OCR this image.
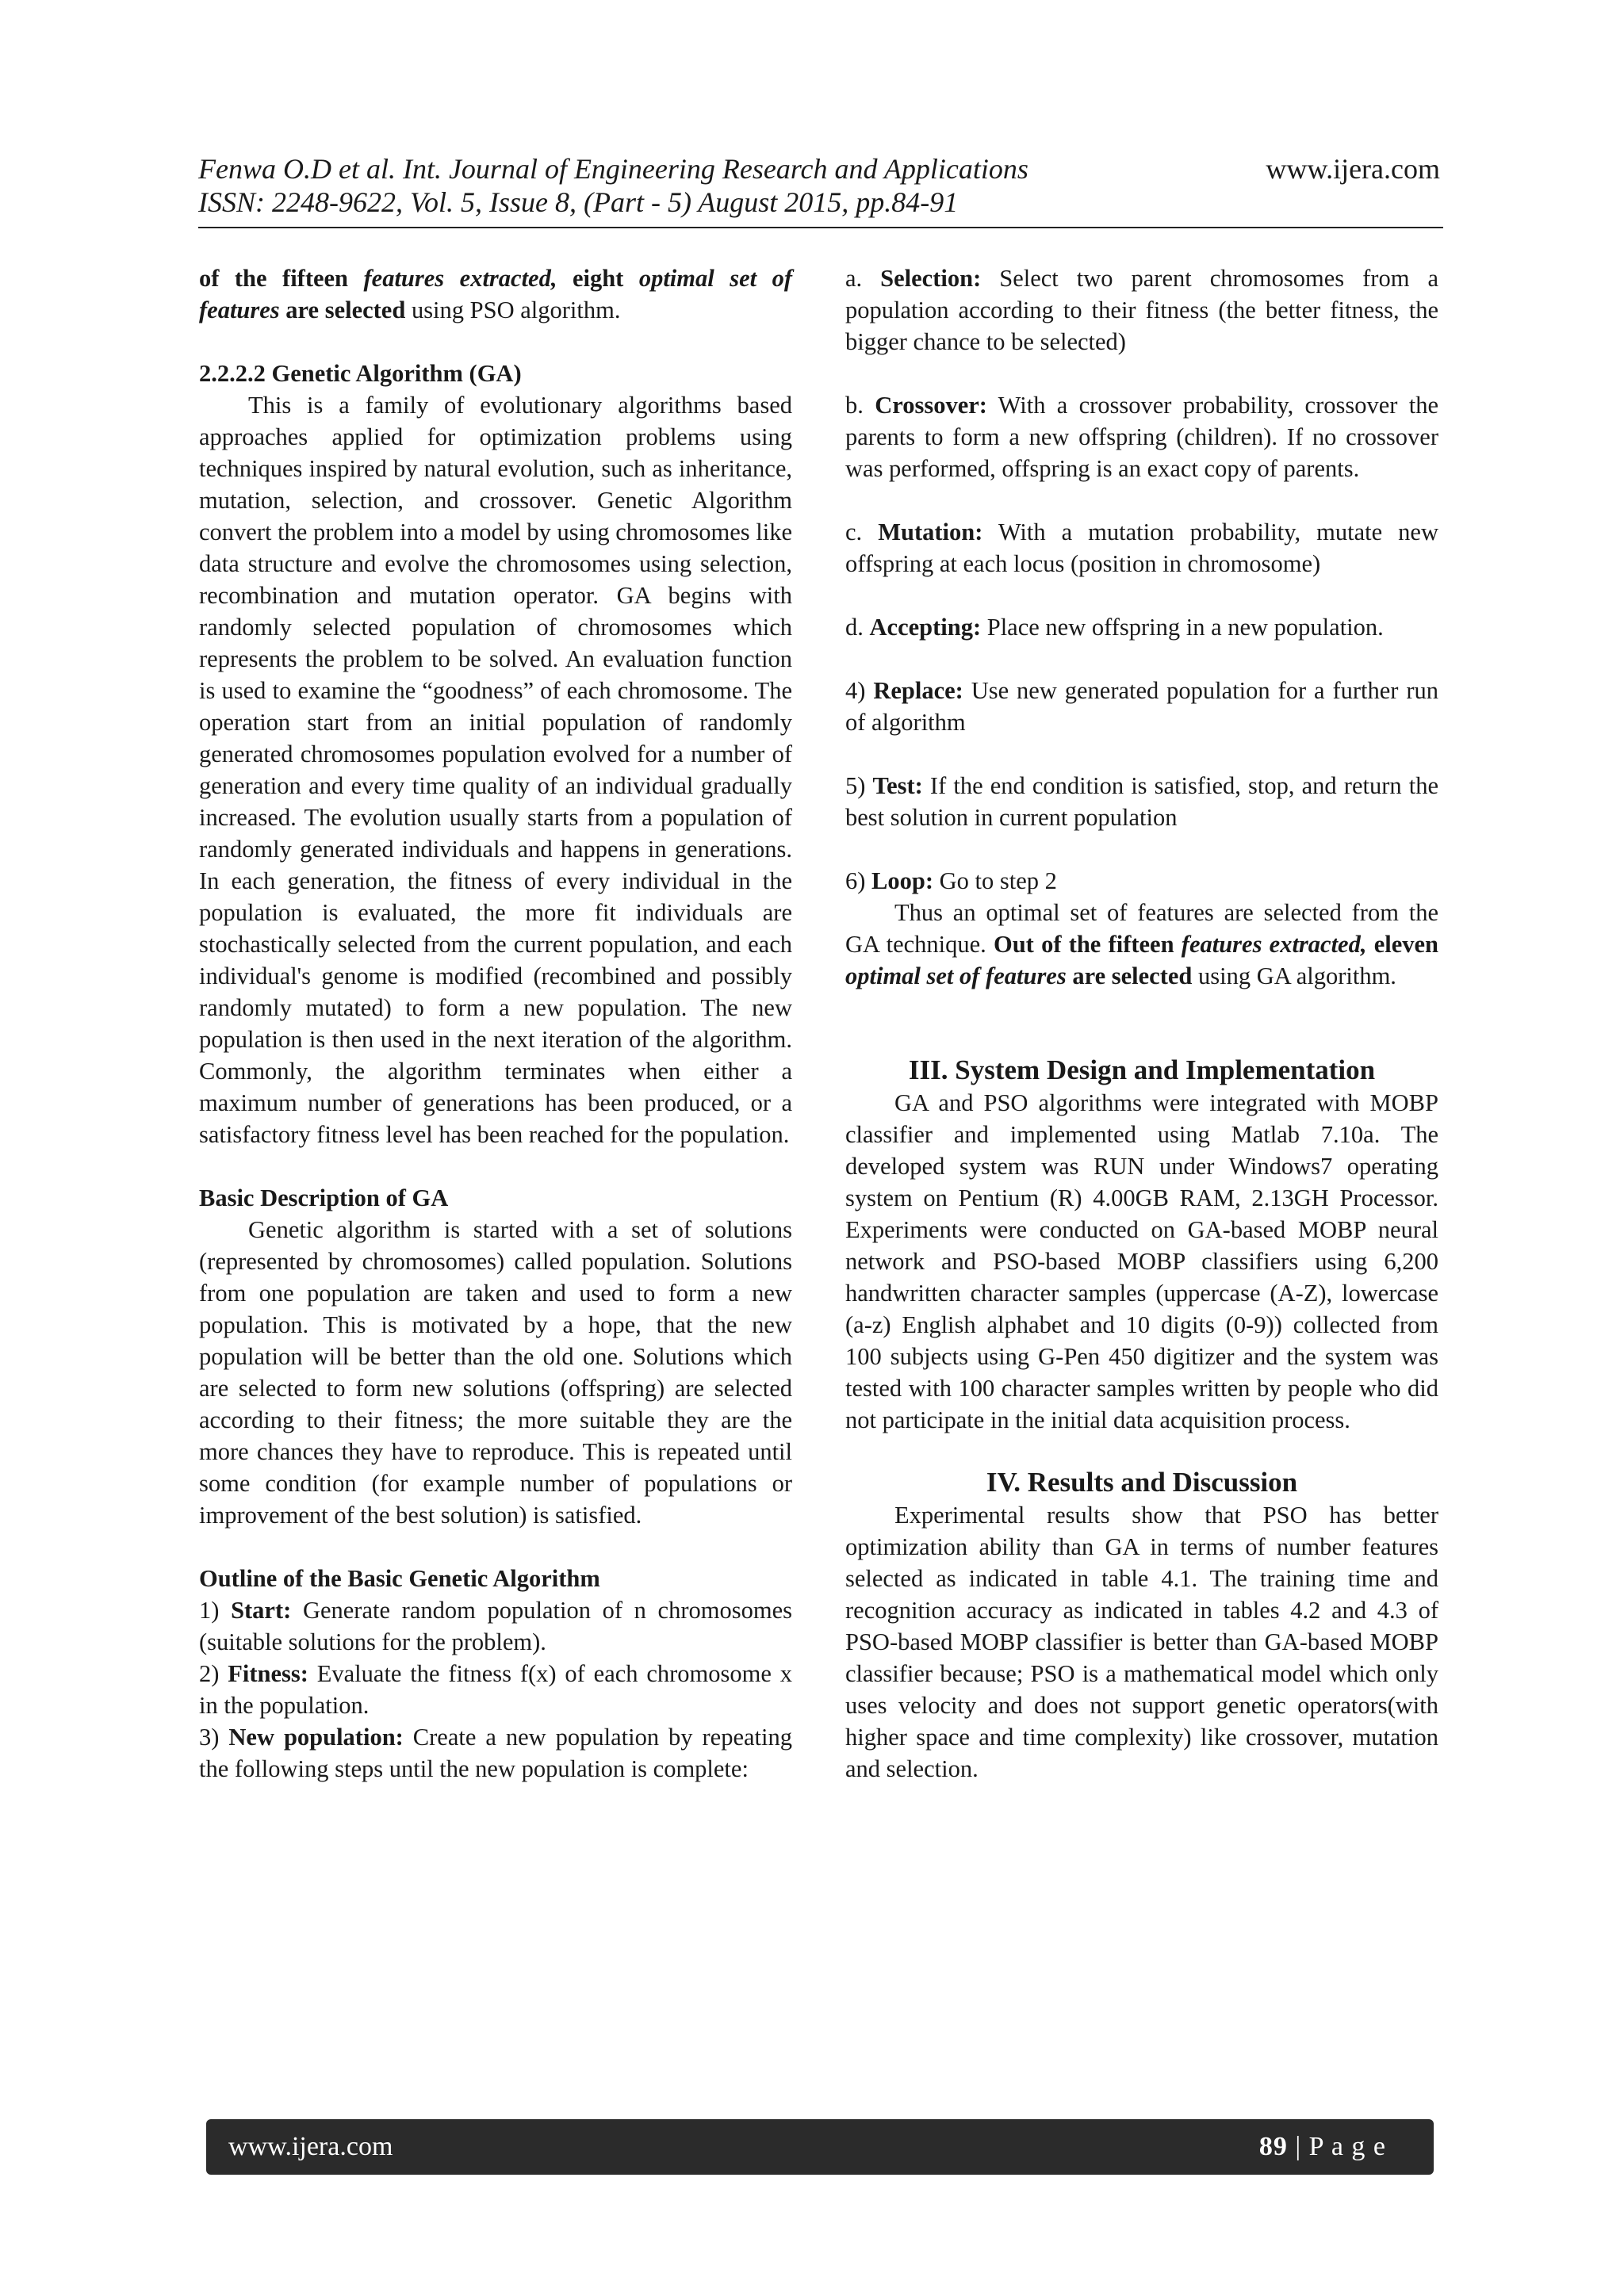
Fenwa O.D et al. Int. Journal of Engineering Research and Applications
ISSN: 2248-9622, Vol. 5, Issue 8, (Part - 5) August 2015, pp.84-91
www.ijera.com

of the fifteen features extracted, eight optimal set of features are selected using PSO algorithm.

2.2.2.2 Genetic Algorithm (GA)

This is a family of evolutionary algorithms based approaches applied for optimization problems using techniques inspired by natural evolution, such as inheritance, mutation, selection, and crossover. Genetic Algorithm convert the problem into a model by using chromosomes like data structure and evolve the chromosomes using selection, recombination and mutation operator. GA begins with randomly selected population of chromosomes which represents the problem to be solved. An evaluation function is used to examine the “goodness” of each chromosome. The operation start from an initial population of randomly generated chromosomes population evolved for a number of generation and every time quality of an individual gradually increased. The evolution usually starts from a population of randomly generated individuals and happens in generations. In each generation, the fitness of every individual in the population is evaluated, the more fit individuals are stochastically selected from the current population, and each individual's genome is modified (recombined and possibly randomly mutated) to form a new population. The new population is then used in the next iteration of the algorithm. Commonly, the algorithm terminates when either a maximum number of generations has been produced, or a satisfactory fitness level has been reached for the population.

Basic Description of GA

Genetic algorithm is started with a set of solutions (represented by chromosomes) called population. Solutions from one population are taken and used to form a new population. This is motivated by a hope, that the new population will be better than the old one. Solutions which are selected to form new solutions (offspring) are selected according to their fitness; the more suitable they are the more chances they have to reproduce. This is repeated until some condition (for example number of populations or improvement of the best solution) is satisfied.

Outline of the Basic Genetic Algorithm

1) Start: Generate random population of n chromosomes (suitable solutions for the problem).

2) Fitness: Evaluate the fitness f(x) of each chromosome x in the population.

3) New population: Create a new population by repeating the following steps until the new population is complete:

a. Selection: Select two parent chromosomes from a population according to their fitness (the better fitness, the bigger chance to be selected)

b. Crossover: With a crossover probability, crossover the parents to form a new offspring (children). If no crossover was performed, offspring is an exact copy of parents.

c. Mutation: With a mutation probability, mutate new offspring at each locus (position in chromosome)

d. Accepting: Place new offspring in a new population.

4) Replace: Use new generated population for a further run of algorithm

5) Test: If the end condition is satisfied, stop, and return the best solution in current population

6) Loop: Go to step 2

Thus an optimal set of features are selected from the GA technique. Out of the fifteen features extracted, eleven optimal set of features are selected using GA algorithm.

III. System Design and Implementation

GA and PSO algorithms were integrated with MOBP classifier and implemented using Matlab 7.10a. The developed system was RUN under Windows7 operating system on Pentium (R) 4.00GB RAM, 2.13GH Processor. Experiments were conducted on GA-based MOBP neural network and PSO-based MOBP classifiers using 6,200 handwritten character samples (uppercase (A-Z), lowercase (a-z) English alphabet and 10 digits (0-9)) collected from 100 subjects using G-Pen 450 digitizer and the system was tested with 100 character samples written by people who did not participate in the initial data acquisition process.

IV. Results and Discussion

Experimental results show that PSO has better optimization ability than GA in terms of number features selected as indicated in table 4.1. The training time and recognition accuracy as indicated in tables 4.2 and 4.3 of PSO-based MOBP classifier is better than GA-based MOBP classifier because; PSO is a mathematical model which only uses velocity and does not support genetic operators(with higher space and time complexity) like crossover, mutation and selection.

www.ijera.com	89 | P a g e
